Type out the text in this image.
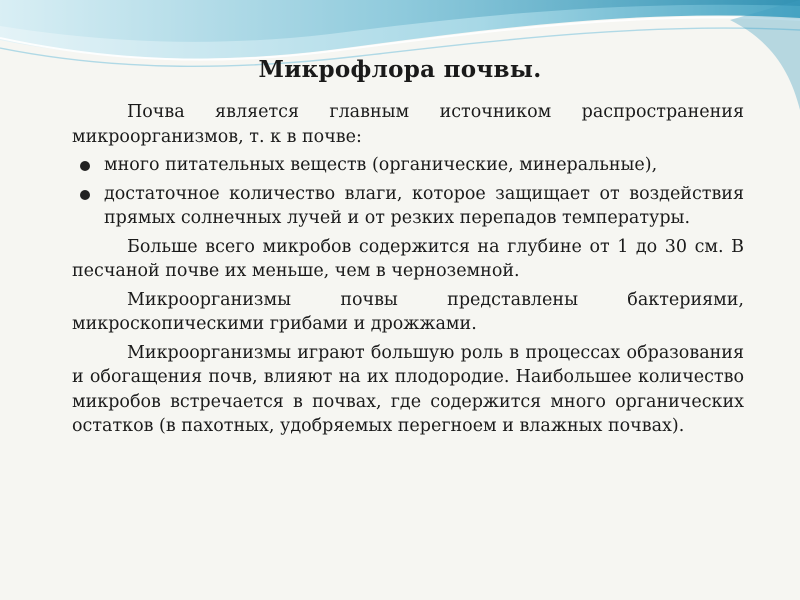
Микрофлора почвы.

Почва является главным источником распространения микроорганизмов, т. к в почве:

много питательных веществ (органические, минеральные),
достаточное количество влаги, которое защищает от воздействия прямых солнечных лучей и от резких перепадов температуры.

Больше всего микробов содержится на глубине от 1 до 30 см. В песчаной почве их меньше, чем в черноземной.

Микроорганизмы почвы представлены бактериями, микроскопическими грибами и дрожжами.

Микроорганизмы играют большую роль в процессах образования и обогащения почв, влияют на их плодородие. Наибольшее количество микробов встречается в почвах, где содержится много органических остатков (в пахотных, удобряемых перегноем и влажных почвах).
